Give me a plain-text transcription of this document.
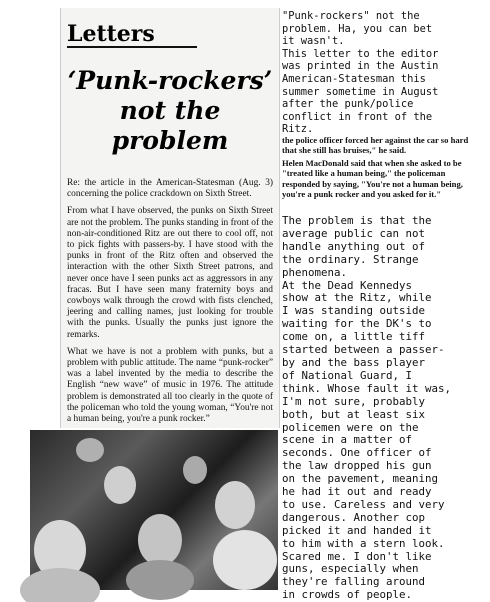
Letters
‘Punk-rockers’
not the problem

Re: the article in the American-Statesman (Aug. 3) concerning the police crackdown on Sixth Street.

From what I have observed, the punks on Sixth Street are not the problem. The punks standing in front of the non-air-conditioned Ritz are out there to cool off, not to pick fights with passers-by. I have stood with the punks in front of the Ritz often and observed the interaction with the other Sixth Street patrons, and never once have I seen punks act as aggressors in any fracas. But I have seen many fraternity boys and cowboys walk through the crowd with fists clenched, jeering and calling names, just looking for trouble with the punks. Usually the punks just ignore the remarks.

What we have is not a problem with punks, but a problem with public attitude. The name “punk-rocker” was a label invented by the media to describe the English “new wave” of music in 1976. The attitude problem is demonstrated all too clearly in the quote of the policeman who told the young woman, “You're not a human being, you're a punk rocker.”

"Punk-rockers" not the
problem. Ha, you can bet
it wasn't.
This letter to the editor
was printed in the Austin
American-Statesman this
summer sometime in August
after the punk/police
conflict in front of the
Ritz.
the police officer forced her against the car so hard that she still has bruises," he said.
Helen MacDonald said that when she asked to be "treated like a human being," the policeman responded by saying, "You're not a human being, you're a punk rocker and you asked for it."
The problem is that the
average public can not
handle anything out of
the ordinary. Strange
phenomena.
At the Dead Kennedys
show at the Ritz, while
I was standing outside
waiting for the DK's to
come on, a little tiff
started between a passer-
by and the bass player
of National Guard, I
think. Whose fault it was,
I'm not sure, probably
both, but at least six
policemen were on the
scene in a matter of
seconds. One officer of
the law dropped his gun
on the pavement, meaning
he had it out and ready
to use. Careless and very
dangerous. Another cop
picked it and handed it
to him with a stern look.
Scared me. I don't like
guns, especially when
they're falling around
in crowds of people.
